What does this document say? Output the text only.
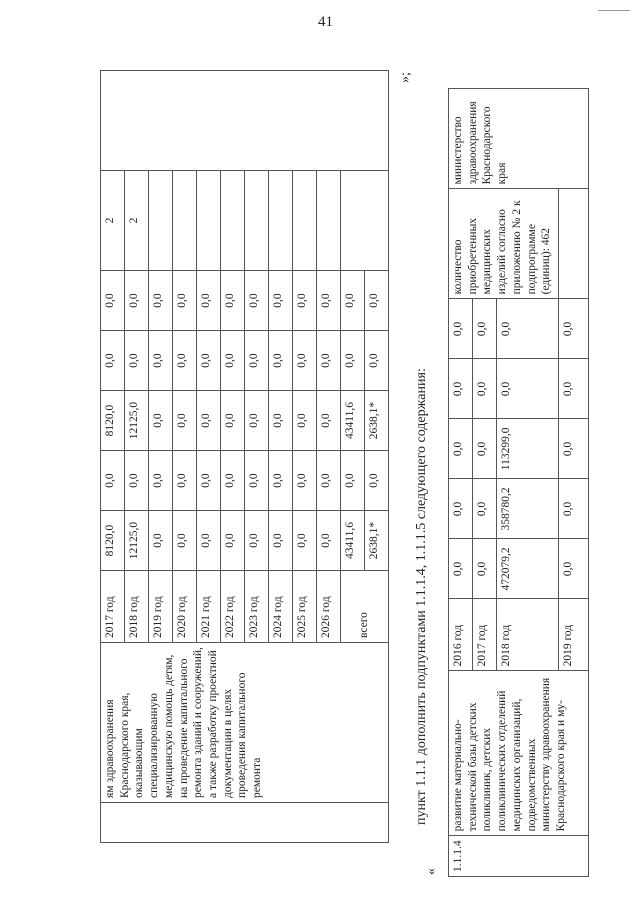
41
	ям здравоохранения Краснодарского края, оказывающим специализированную медицинскую помощь детям, на проведение капитального ремонта зданий и сооружений, а также разработку проектной документации в целях проведения капитального ремонта	2017 год	8120,0	0,0	8120,0	0,0	0,0	2	
		2018 год	12125,0	0,0	12125,0	0,0	0,0	2	
		2019 год	0,0	0,0	0,0	0,0	0,0		
		2020 год	0,0	0,0	0,0	0,0	0,0		
		2021 год	0,0	0,0	0,0	0,0	0,0		
		2022 год	0,0	0,0	0,0	0,0	0,0		
		2023 год	0,0	0,0	0,0	0,0	0,0		
		2024 год	0,0	0,0	0,0	0,0	0,0		
		2025 год	0,0	0,0	0,0	0,0	0,0		
		2026 год	0,0	0,0	0,0	0,0	0,0		
		всего	43411,6	0,0	43411,6	0,0	0,0		
			2638,1*	0,0	2638,1*	0,0	0,0		
»;
пункт 1.1.1 дополнить подпунктами 1.1.1.4, 1.1.1.5 следующего содержания:
« 1.1.1.4	развитие материально-технической базы детских поликлиник, детских поликлинических отделений медицинских организаций, подведомственных министерству здравоохранения Краснодарского края и му-	2016 год	0,0	0,0	0,0	0,0	0,0	количество приобретенных медицинских изделий согласно приложению № 2 к подпрограмме (единиц): 462	министерство здравоохранения Краснодарского края
		2017 год	0,0	0,0	0,0	0,0	0,0		
		2018 год	472079,2	358780,2	113299,0	0,0	0,0		
		2019 год	0,0	0,0	0,0	0,0	0,0		
